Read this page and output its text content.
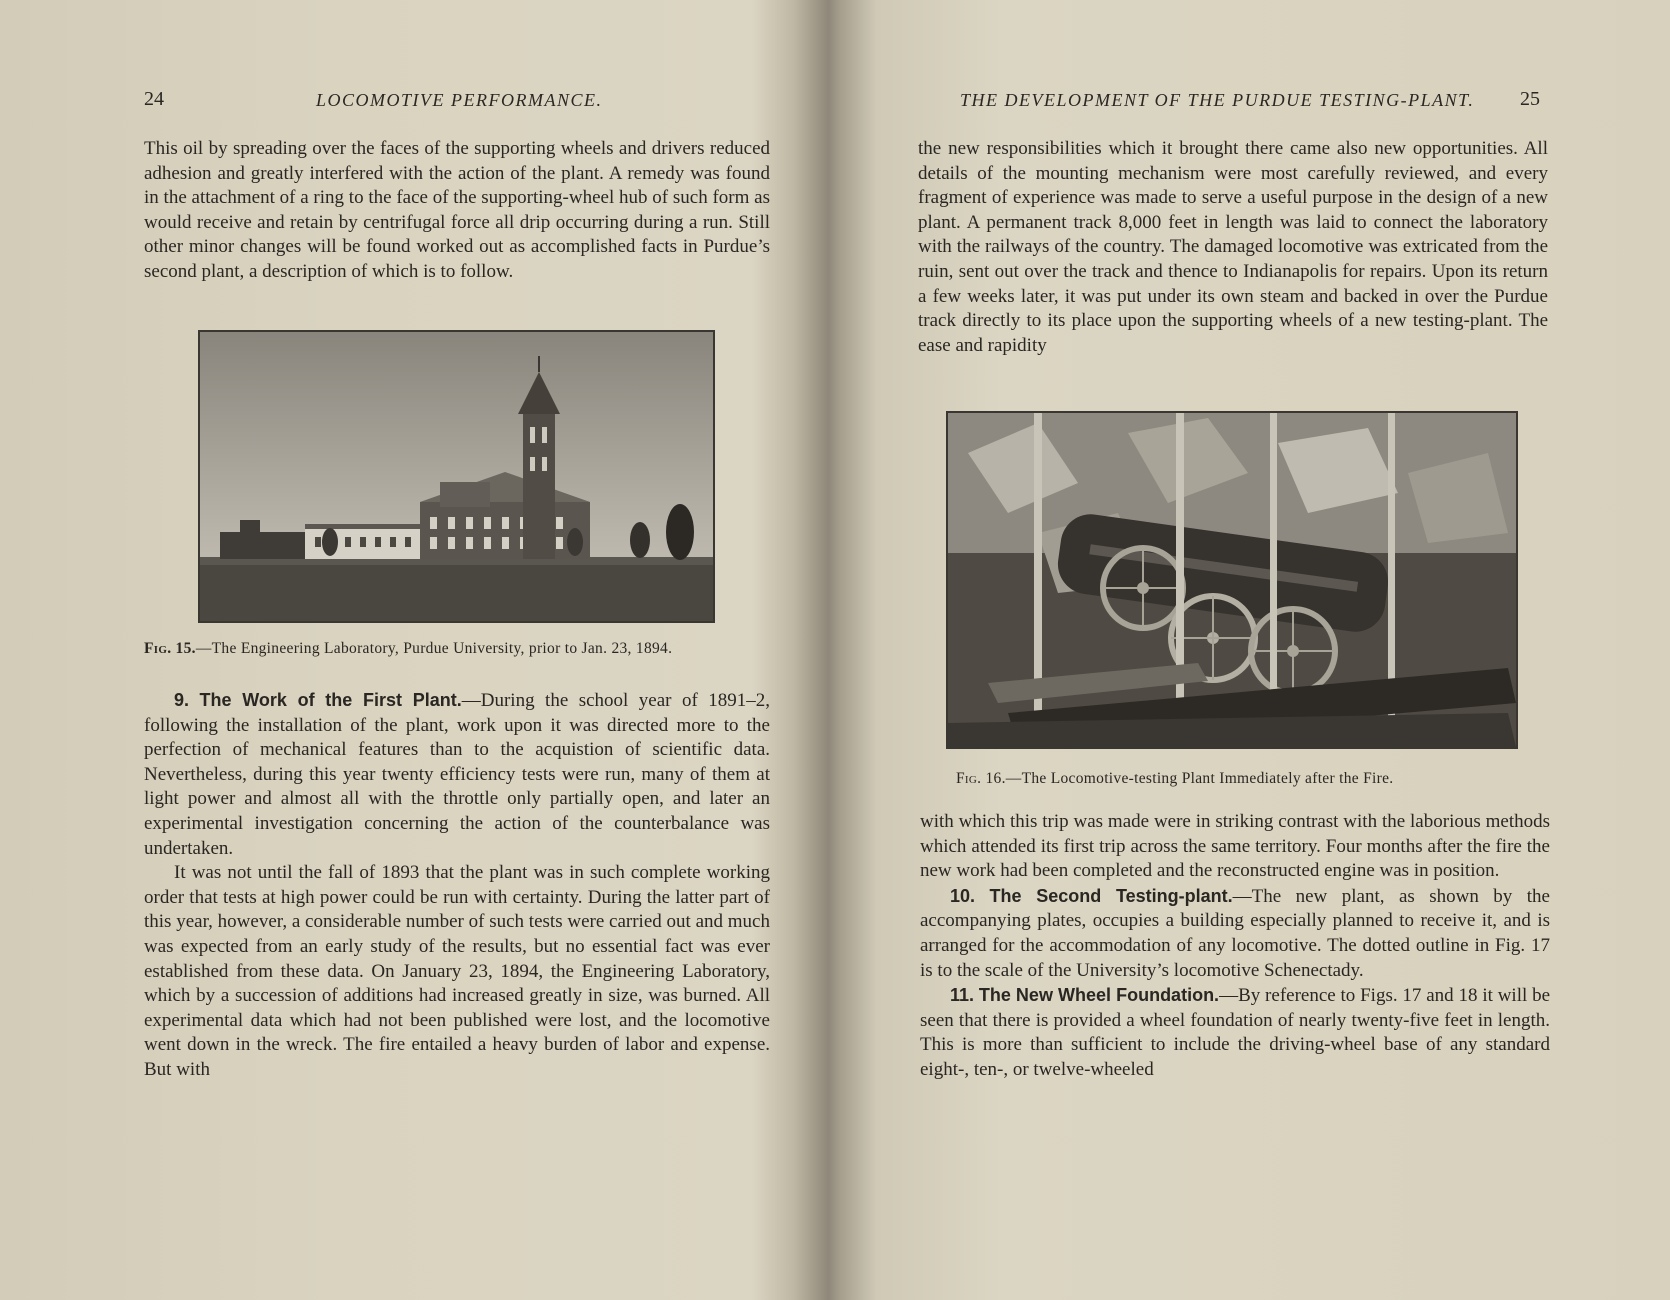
24	LOCOMOTIVE PERFORMANCE.

This oil by spreading over the faces of the supporting wheels and drivers reduced adhesion and greatly interfered with the action of the plant. A remedy was found in the attachment of a ring to the face of the supporting-wheel hub of such form as would receive and retain by centrifugal force all drip occurring during a run. Still other minor changes will be found worked out as accomplished facts in Purdue’s second plant, a description of which is to follow.

Fig. 15.—The Engineering Laboratory, Purdue University, prior to Jan. 23, 1894.

9. The Work of the First Plant.—During the school year of 1891–2, following the installation of the plant, work upon it was directed more to the perfection of mechanical features than to the acquistion of scientific data. Nevertheless, during this year twenty efficiency tests were run, many of them at light power and almost all with the throttle only partially open, and later an experimental investigation concerning the action of the counterbalance was undertaken.

It was not until the fall of 1893 that the plant was in such complete working order that tests at high power could be run with certainty. During the latter part of this year, however, a considerable number of such tests were carried out and much was expected from an early study of the results, but no essential fact was ever established from these data. On January 23, 1894, the Engineering Laboratory, which by a succession of additions had increased greatly in size, was burned. All experimental data which had not been published were lost, and the locomotive went down in the wreck. The fire entailed a heavy burden of labor and expense. But with

THE DEVELOPMENT OF THE PURDUE TESTING-PLANT. 25

the new responsibilities which it brought there came also new opportunities. All details of the mounting mechanism were most carefully reviewed, and every fragment of experience was made to serve a useful purpose in the design of a new plant. A permanent track 8,000 feet in length was laid to connect the laboratory with the railways of the country. The damaged locomotive was extricated from the ruin, sent out over the track and thence to Indianapolis for repairs. Upon its return a few weeks later, it was put under its own steam and backed in over the Purdue track directly to its place upon the supporting wheels of a new testing-plant. The ease and rapidity

Fig. 16.—The Locomotive-testing Plant Immediately after the Fire.

with which this trip was made were in striking contrast with the laborious methods which attended its first trip across the same territory. Four months after the fire the new work had been completed and the reconstructed engine was in position.

10. The Second Testing-plant.—The new plant, as shown by the accompanying plates, occupies a building especially planned to receive it, and is arranged for the accommodation of any locomotive. The dotted outline in Fig. 17 is to the scale of the University’s locomotive Schenectady.

11. The New Wheel Foundation.—By reference to Figs. 17 and 18 it will be seen that there is provided a wheel foundation of nearly twenty-five feet in length. This is more than sufficient to include the driving-wheel base of any standard eight-, ten-, or twelve-wheeled
